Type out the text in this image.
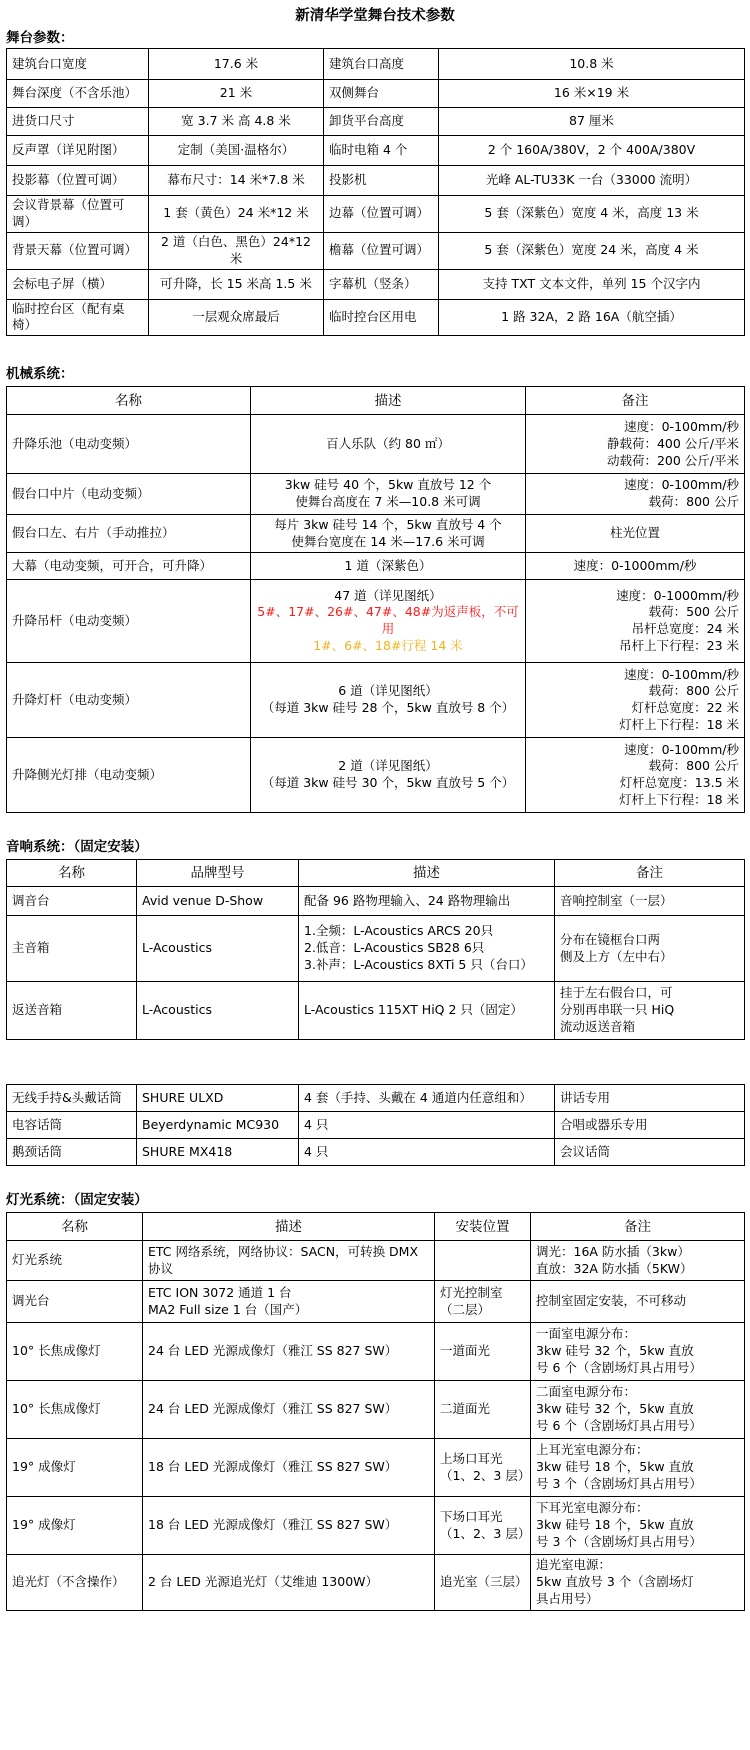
新清华学堂舞台技术参数
舞台参数：
建筑台口宽度	17.6 米	建筑台口高度	10.8 米
舞台深度（不含乐池）	21 米	双侧舞台	16 米×19 米
进货口尺寸	宽 3.7 米 高 4.8 米	卸货平台高度	87 厘米
反声罩（详见附图）	定制（美国·温格尔）	临时电箱 4 个	2 个 160A/380V，2 个 400A/380V
投影幕（位置可调）	幕布尺寸：14 米*7.8 米	投影机	光峰 AL-TU33K 一台（33000 流明）
会议背景幕（位置可调）	1 套（黄色）24 米*12 米	边幕（位置可调）	5 套（深紫色）宽度 4 米，高度 13 米
背景天幕（位置可调）	2 道（白色、黑色）24*12 米	檐幕（位置可调）	5 套（深紫色）宽度 24 米，高度 4 米
会标电子屏（横）	可升降，长 15 米高 1.5 米	字幕机（竖条）	支持 TXT 文本文件，单列 15 个汉字内
临时控台区（配有桌椅）	一层观众席最后	临时控台区用电	1 路 32A，2 路 16A（航空插）
机械系统：
名称	描述	备注
升降乐池（电动变频）	百人乐队（约 80 ㎡）	速度：0-100mm/秒
静载荷：400 公斤/平米
动载荷：200 公斤/平米

假台口中片（电动变频）	3kw 硅号 40 个，5kw 直放号 12 个
使舞台高度在 7 米—10.8 米可调	速度：0-100mm/秒
载荷：800 公斤

假台口左、右片（手动推拉）	每片 3kw 硅号 14 个，5kw 直放号 4 个
使舞台宽度在 14 米—17.6 米可调	柱光位置

大幕（电动变频，可开合，可升降）	1 道（深紫色）	速度：0-1000mm/秒

升降吊杆（电动变频）	47 道（详见图纸）
5#、17#、26#、47#、48#为返声板，不可用
1#、6#、18#行程 14 米	速度：0-1000mm/秒
载荷：500 公斤
吊杆总宽度：24 米
吊杆上下行程：23 米

升降灯杆（电动变频）	6 道（详见图纸）
（每道 3kw 硅号 28 个，5kw 直放号 8 个）	速度：0-100mm/秒
载荷：800 公斤
灯杆总宽度：22 米
灯杆上下行程：18 米

升降侧光灯排（电动变频）	2 道（详见图纸）
（每道 3kw 硅号 30 个，5kw 直放号 5 个）	速度：0-100mm/秒
载荷：800 公斤
灯杆总宽度：13.5 米
灯杆上下行程：18 米
音响系统：（固定安装）
名称	品牌型号	描述	备注
调音台	Avid venue D-Show	配备 96 路物理输入、24 路物理输出	音响控制室（一层）

主音箱	L-Acoustics	1.全频：L-Acoustics ARCS 20只
2.低音：L-Acoustics SB28 6只
3.补声：L-Acoustics 8XTi 5 只（台口）	分布在镜框台口两
侧及上方（左中右）

返送音箱	L-Acoustics	L-Acoustics 115XT HiQ 2 只（固定）	挂于左右假台口，可
分别再串联一只 HiQ
流动返送音箱
无线手持&头戴话筒	SHURE ULXD	4 套（手持、头戴在 4 通道内任意组和）	讲话专用
电容话筒	Beyerdynamic MC930	4 只	合唱或器乐专用
鹅颈话筒	SHURE MX418	4 只	会议话筒
灯光系统：（固定安装）
名称	描述	安装位置	备注
灯光系统	ETC 网络系统，网络协议：SACN，可转换 DMX
协议		调光：16A 防水插（3kw）
直放：32A 防水插（5KW）

调光台	ETC ION 3072 通道 1 台
MA2 Full size 1 台（国产）	灯光控制室
（二层）	控制室固定安装，不可移动

10° 长焦成像灯	24 台 LED 光源成像灯（雅江 SS 827 SW）	一道面光	一面室电源分布：
3kw 硅号 32 个，5kw 直放
号 6 个（含剧场灯具占用号）

10° 长焦成像灯	24 台 LED 光源成像灯（雅江 SS 827 SW）	二道面光	二面室电源分布：
3kw 硅号 32 个，5kw 直放
号 6 个（含剧场灯具占用号）

19° 成像灯	18 台 LED 光源成像灯（雅江 SS 827 SW）	上场口耳光
（1、2、3 层）	上耳光室电源分布：
3kw 硅号 18 个，5kw 直放
号 3 个（含剧场灯具占用号）

19° 成像灯	18 台 LED 光源成像灯（雅江 SS 827 SW）	下场口耳光
（1、2、3 层）	下耳光室电源分布：
3kw 硅号 18 个，5kw 直放
号 3 个（含剧场灯具占用号）

追光灯（不含操作）	2 台 LED 光源追光灯（艾维迪 1300W）	追光室（三层）	追光室电源：
5kw 直放号 3 个（含剧场灯
具占用号）
